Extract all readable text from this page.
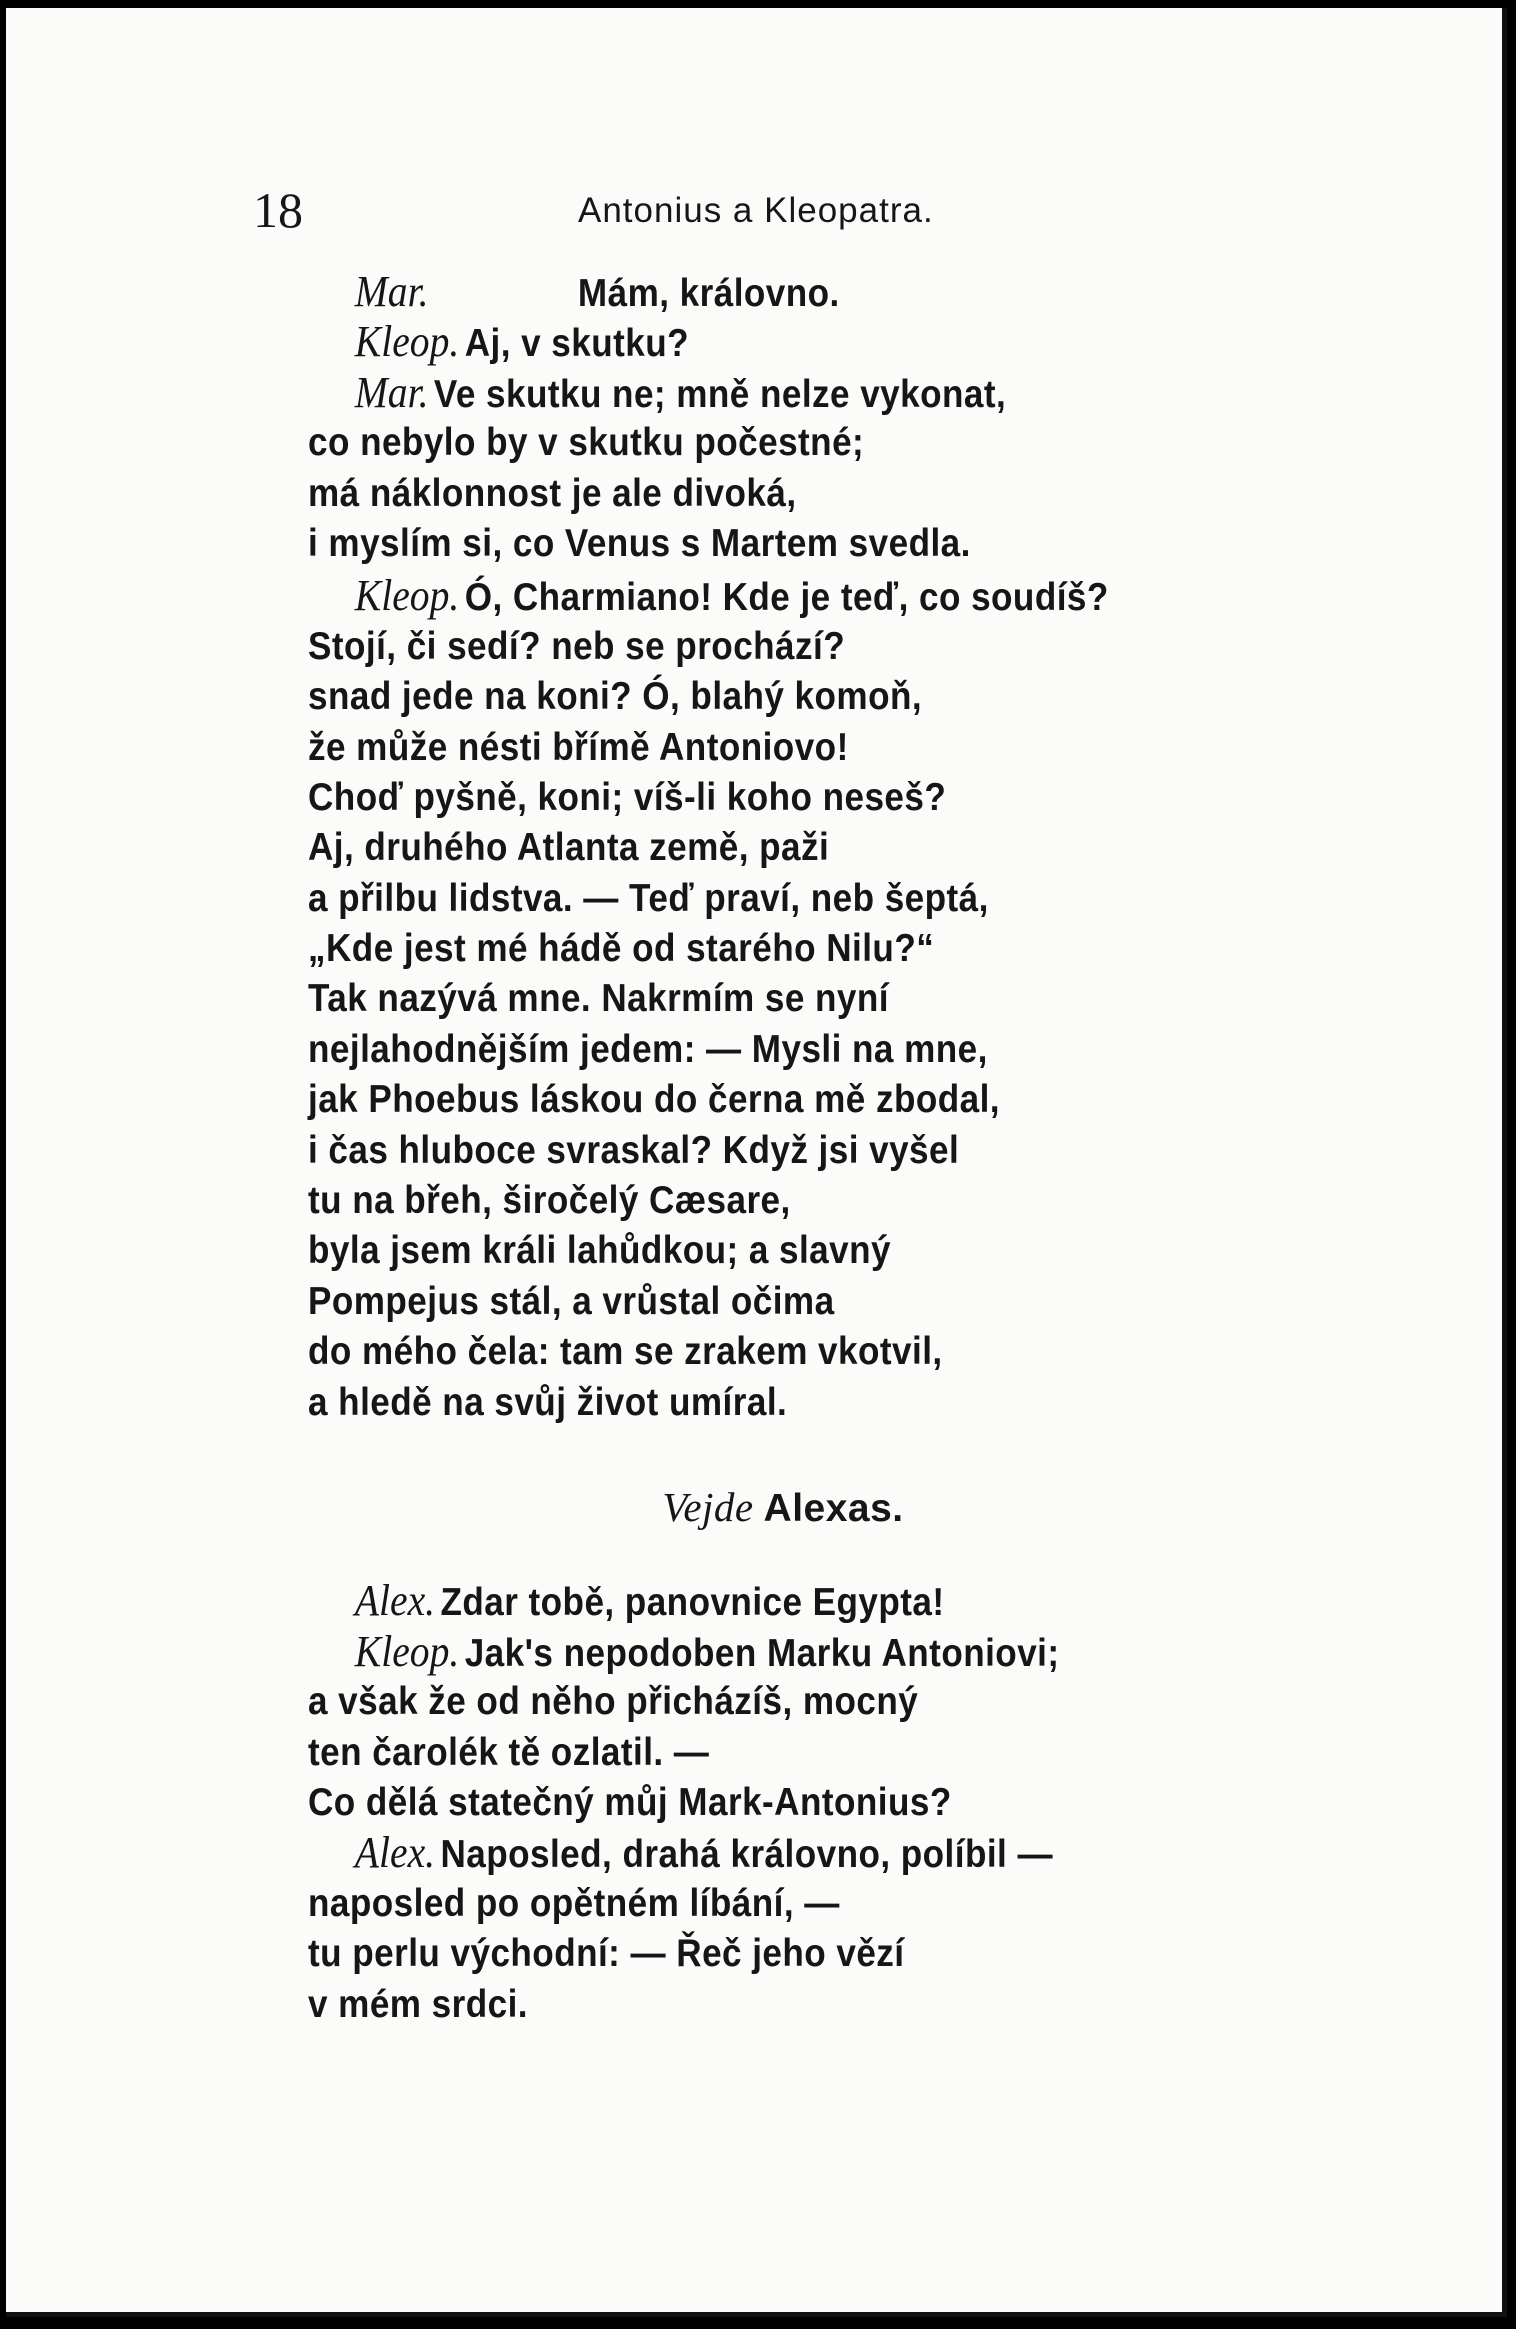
18	Antonius a Kleopatra.
Mar.	Mám, královno.
Kleop. Aj, v skutku?
Mar. Ve skutku ne; mně nelze vykonat,
co nebylo by v skutku počestné;
má náklonnost je ale divoká,
i myslím si, co Venus s Martem svedla.
Kleop. Ó, Charmiano! Kde je teď, co soudíš?
Stojí, či sedí? neb se prochází?
snad jede na koni? Ó, blahý komoň,
že může nésti břímě Antoniovo!
Choď pyšně, koni; víš-li koho neseš?
Aj, druhého Atlanta země, paži
a přilbu lidstva. — Teď praví, neb šeptá,
„Kde jest mé hádě od starého Nilu?“
Tak nazývá mne. Nakrmím se nyní
nejlahodnějším jedem: — Mysli na mne,
jak Phoebus láskou do černa mě zbodal,
i čas hluboce svraskal? Když jsi vyšel
tu na břeh, širočelý Cæsare,
byla jsem králi lahůdkou; a slavný
Pompejus stál, a vrůstal očima
do mého čela: tam se zrakem vkotvil,
a hledě na svůj život umíral.
Vejde Alexas.
Alex. Zdar tobě, panovnice Egypta!
Kleop. Jak's nepodoben Marku Antoniovi;
a však že od něho přicházíš, mocný
ten čarolék tě ozlatil. —
Co dělá statečný můj Mark-Antonius?
Alex. Naposled, drahá královno, políbil —
naposled po opětném líbání, —
tu perlu východní: — Řeč jeho vězí
v mém srdci.
